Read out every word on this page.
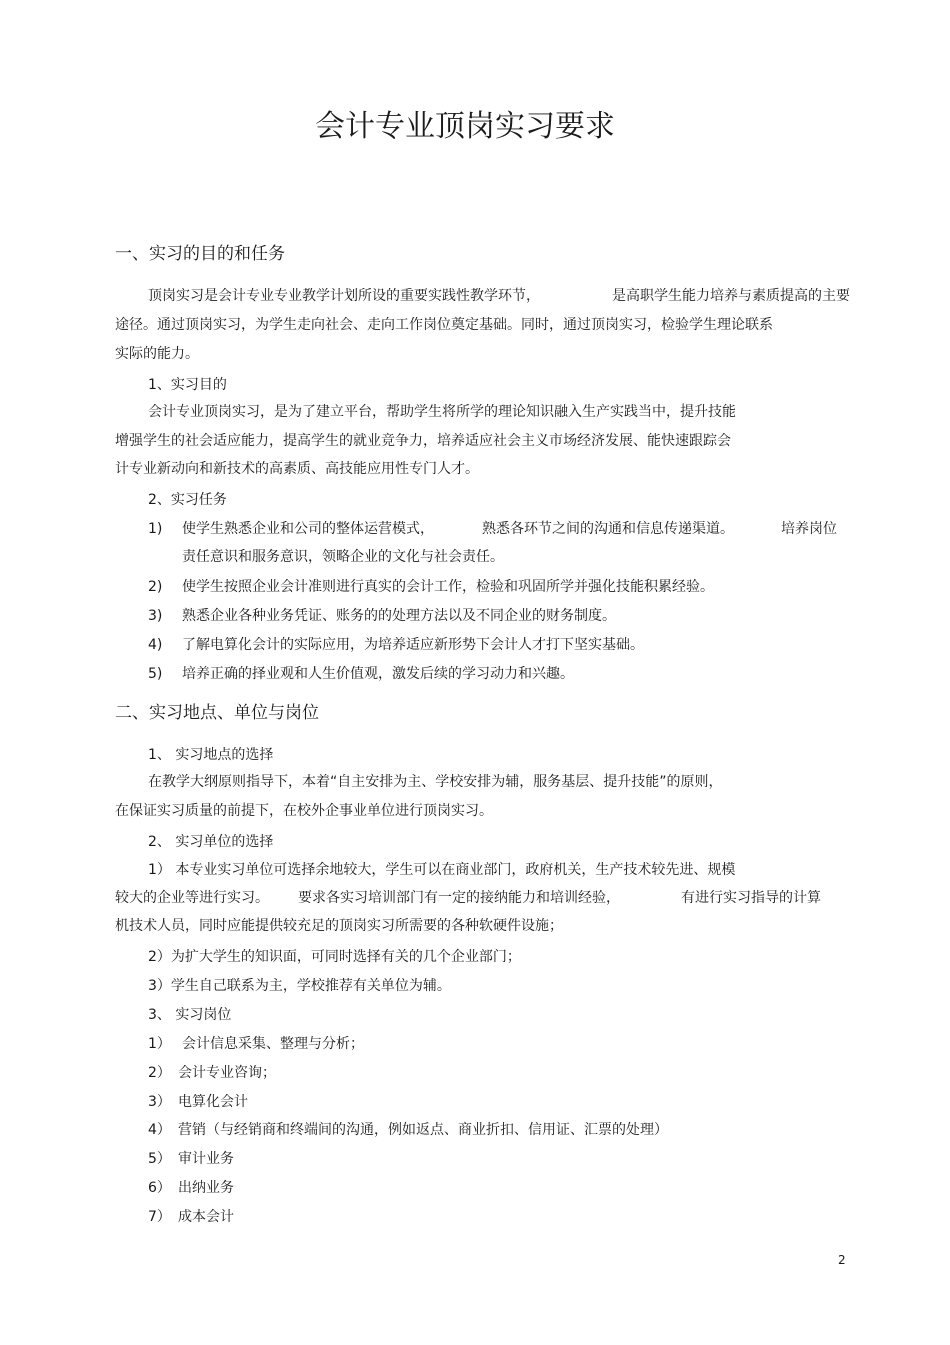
会计专业顶岗实习要求
一、实习的目的和任务
顶岗实习是会计专业专业教学计划所设的重要实践性教学环节，	是高职学生能力培养与素质提高的主要
途径。通过顶岗实习，为学生走向社会、走向工作岗位奠定基础。同时，通过顶岗实习，检验学生理论联系
实际的能力。
1、实习目的
会计专业顶岗实习，是为了建立平台，帮助学生将所学的理论知识融入生产实践当中，提升技能
增强学生的社会适应能力，提高学生的就业竞争力，培养适应社会主义市场经济发展、能快速跟踪会
计专业新动向和新技术的高素质、高技能应用性专门人才。
2、实习任务
1) 使学生熟悉企业和公司的整体运营模式，	熟悉各环节之间的沟通和信息传递渠道。	培养岗位
责任意识和服务意识，领略企业的文化与社会责任。
2) 使学生按照企业会计准则进行真实的会计工作，检验和巩固所学并强化技能积累经验。
3) 熟悉企业各种业务凭证、账务的的处理方法以及不同企业的财务制度。
4) 了解电算化会计的实际应用，为培养适应新形势下会计人才打下坚实基础。
5) 培养正确的择业观和人生价值观，激发后续的学习动力和兴趣。
二、实习地点、单位与岗位
1、 实习地点的选择
在教学大纲原则指导下，本着“自主安排为主、学校安排为辅，服务基层、提升技能”的原则，
在保证实习质量的前提下，在校外企事业单位进行顶岗实习。
2、 实习单位的选择
1） 本专业实习单位可选择余地较大，学生可以在商业部门，政府机关，生产技术较先进、规模
较大的企业等进行实习。 要求各实习培训部门有一定的接纳能力和培训经验，	有进行实习指导的计算
机技术人员，同时应能提供较充足的顶岗实习所需要的各种软硬件设施；
2）为扩大学生的知识面，可同时选择有关的几个企业部门；
3）学生自己联系为主，学校推荐有关单位为辅。
3、 实习岗位
1） 会计信息采集、整理与分析；
2） 会计专业咨询；
3） 电算化会计
4） 营销（与经销商和终端间的沟通，例如返点、商业折扣、信用证、汇票的处理）
5） 审计业务
6） 出纳业务
7） 成本会计
2
